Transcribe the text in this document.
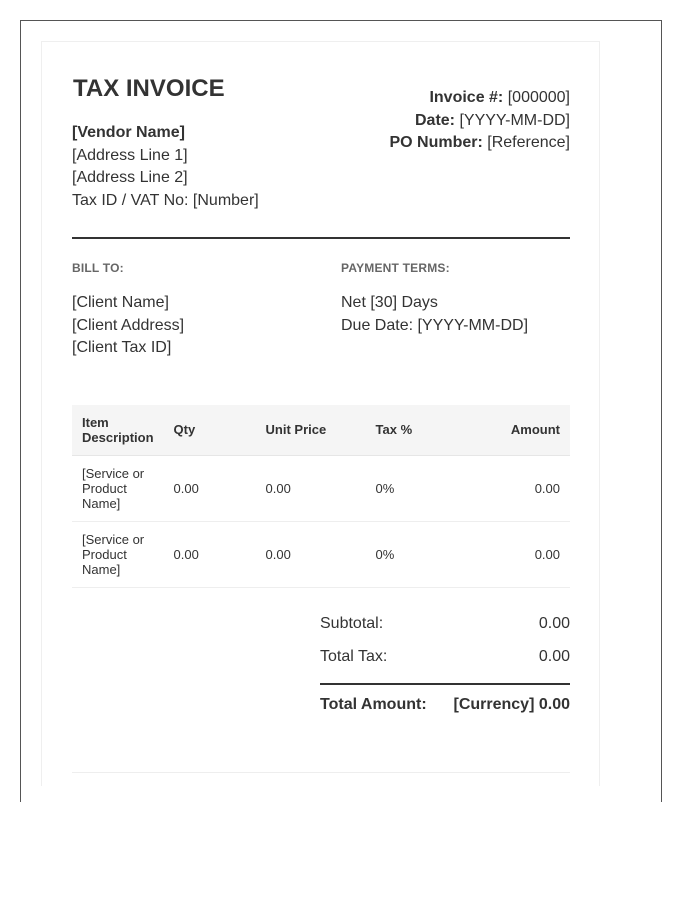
TAX INVOICE
[Vendor Name]
[Address Line 1]
[Address Line 2]
Tax ID / VAT No: [Number]
Invoice #: [000000]
Date: [YYYY-MM-DD]
PO Number: [Reference]
BILL TO:	PAYMENT TERMS:
[Client Name]
[Client Address]
[Client Tax ID]
Net [30] Days
Due Date: [YYYY-MM-DD]
Item Description	Qty	Unit Price	Tax %	Amount
[Service or Product Name]	0.00	0.00	0%	0.00
[Service or Product Name]	0.00	0.00	0%	0.00
Subtotal:	0.00
Total Tax:	0.00
Total Amount: [Currency] 0.00
